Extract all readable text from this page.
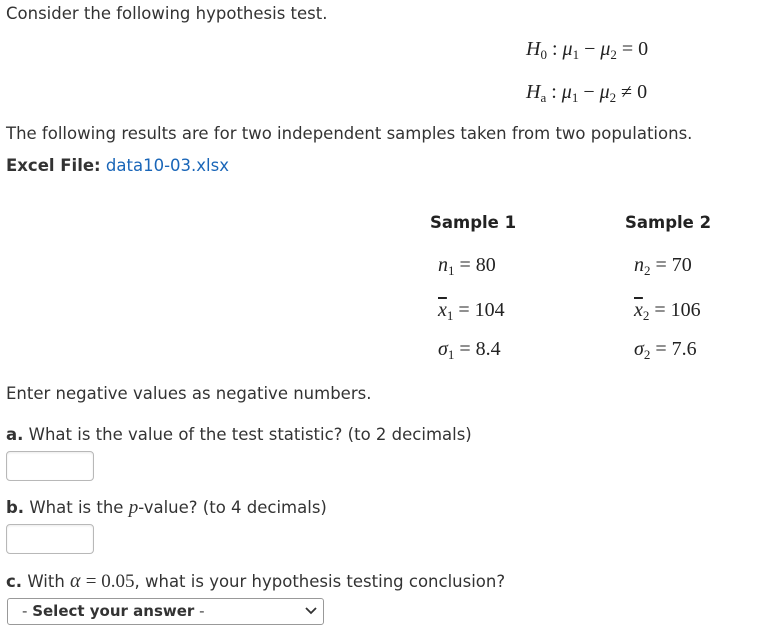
Consider the following hypothesis test.
$H_0$ : $\mu_1 - \mu_2 = 0$
$H_a$ : $\mu_1 - \mu_2 \ne 0$
The following results are for two independent samples taken from two populations.
Excel File: data10-03.xlsx
Sample 1	Sample 2
$n_1 = 80$	$n_2 = 70$
$\overline{x}_1 = 104$	$\overline{x}_2 = 106$
$\sigma_1 = 8.4$	$\sigma_2 = 7.6$
Enter negative values as negative numbers.
a. What is the value of the test statistic? (to 2 decimals)
b. What is the p-value? (to 4 decimals)
c. With α = 0.05, what is your hypothesis testing conclusion?
- Select your answer -
